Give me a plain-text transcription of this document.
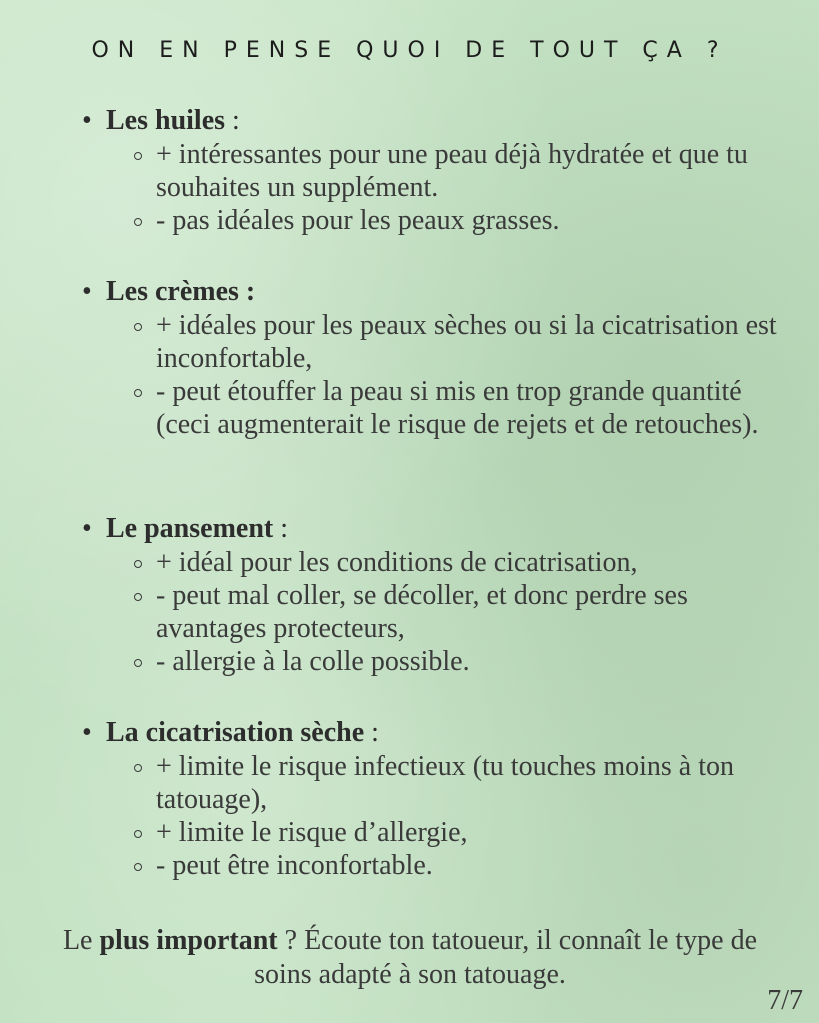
ON EN PENSE QUOI DE TOUT ÇA ?
• Les huiles :
+ intéressantes pour une peau déjà hydratée et que tu souhaites un supplément.
- pas idéales pour les peaux grasses.
• Les crèmes :
+ idéales pour les peaux sèches ou si la cicatrisation est inconfortable,
- peut étouffer la peau si mis en trop grande quantité (ceci augmenterait le risque de rejets et de retouches).
• Le pansement :
+ idéal pour les conditions de cicatrisation,
- peut mal coller, se décoller, et donc perdre ses avantages protecteurs,
- allergie à la colle possible.
• La cicatrisation sèche :
+ limite le risque infectieux (tu touches moins à ton tatouage),
+ limite le risque d’allergie,
- peut être inconfortable.
Le plus important ? Écoute ton tatoueur, il connaît le type de soins adapté à son tatouage.
7/7
